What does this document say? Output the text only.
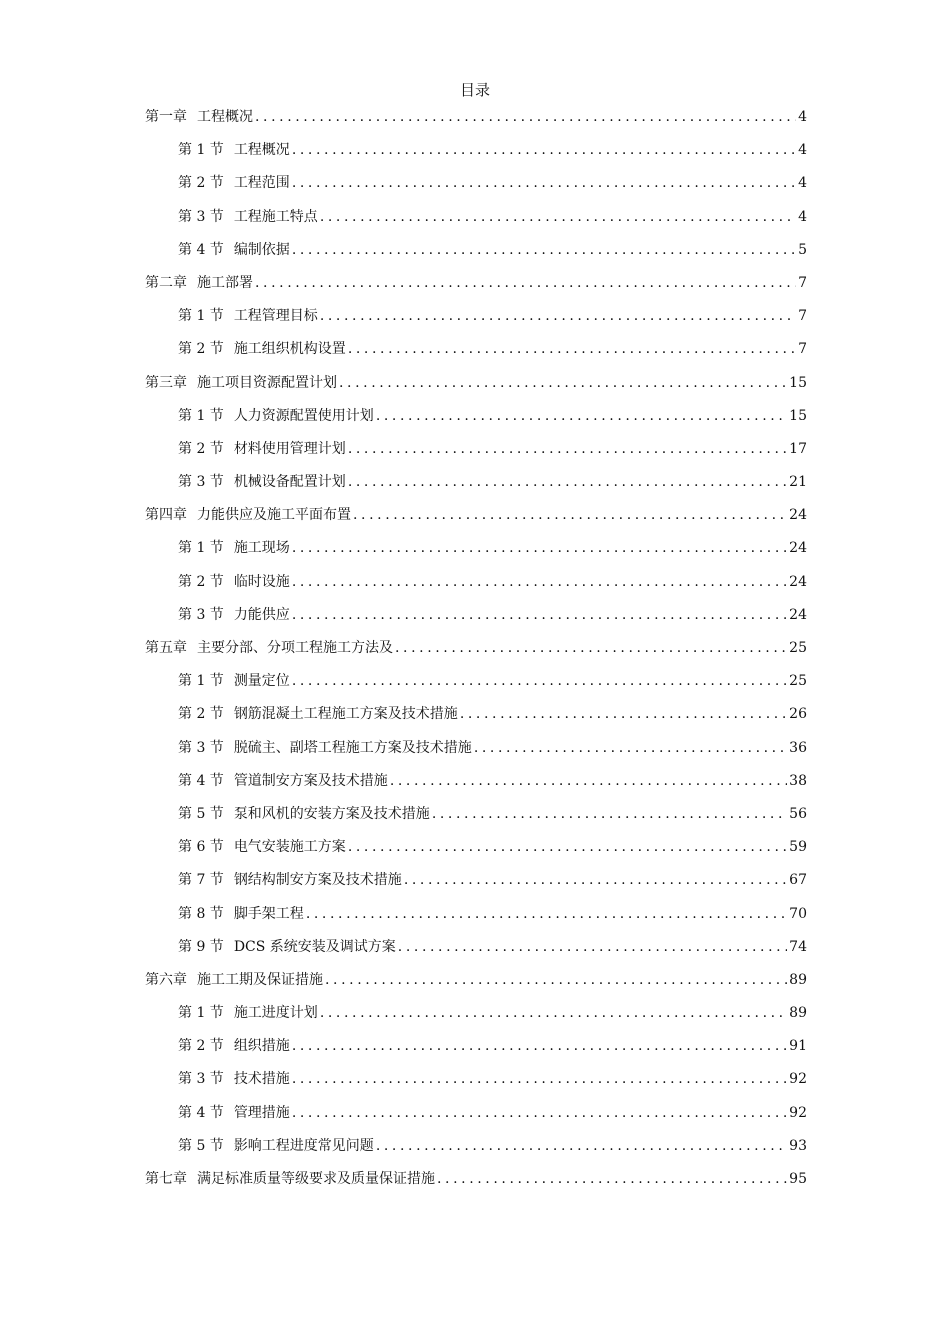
目录
第一章 工程概况 .....	4
第 1 节 工程概况 .....	4
第 2 节 工程范围 .....	4
第 3 节 工程施工特点 .....	4
第 4 节 编制依据 .....	5
第二章 施工部署 .....	7
第 1 节 工程管理目标 .....	7
第 2 节 施工组织机构设置 .....	7
第三章 施工项目资源配置计划 .....	15
第 1 节 人力资源配置使用计划 .....	15
第 2 节 材料使用管理计划 .....	17
第 3 节 机械设备配置计划 .....	21
第四章 力能供应及施工平面布置 .....	24
第 1 节 施工现场 .....	24
第 2 节 临时设施 .....	24
第 3 节 力能供应 .....	24
第五章 主要分部、分项工程施工方法及 .....	25
第 1 节 测量定位 .....	25
第 2 节 钢筋混凝土工程施工方案及技术措施 .....	26
第 3 节 脱硫主、副塔工程施工方案及技术措施 .....	36
第 4 节 管道制安方案及技术措施 .....	38
第 5 节 泵和风机的安装方案及技术措施 .....	56
第 6 节 电气安装施工方案 .....	59
第 7 节 钢结构制安方案及技术措施 .....	67
第 8 节 脚手架工程 .....	70
第 9 节 DCS 系统安装及调试方案 .....	74
第六章 施工工期及保证措施 .....	89
第 1 节 施工进度计划 .....	89
第 2 节 组织措施 .....	91
第 3 节 技术措施 .....	92
第 4 节 管理措施 .....	92
第 5 节 影响工程进度常见问题 .....	93
第七章 满足标准质量等级要求及质量保证措施 .....	95
